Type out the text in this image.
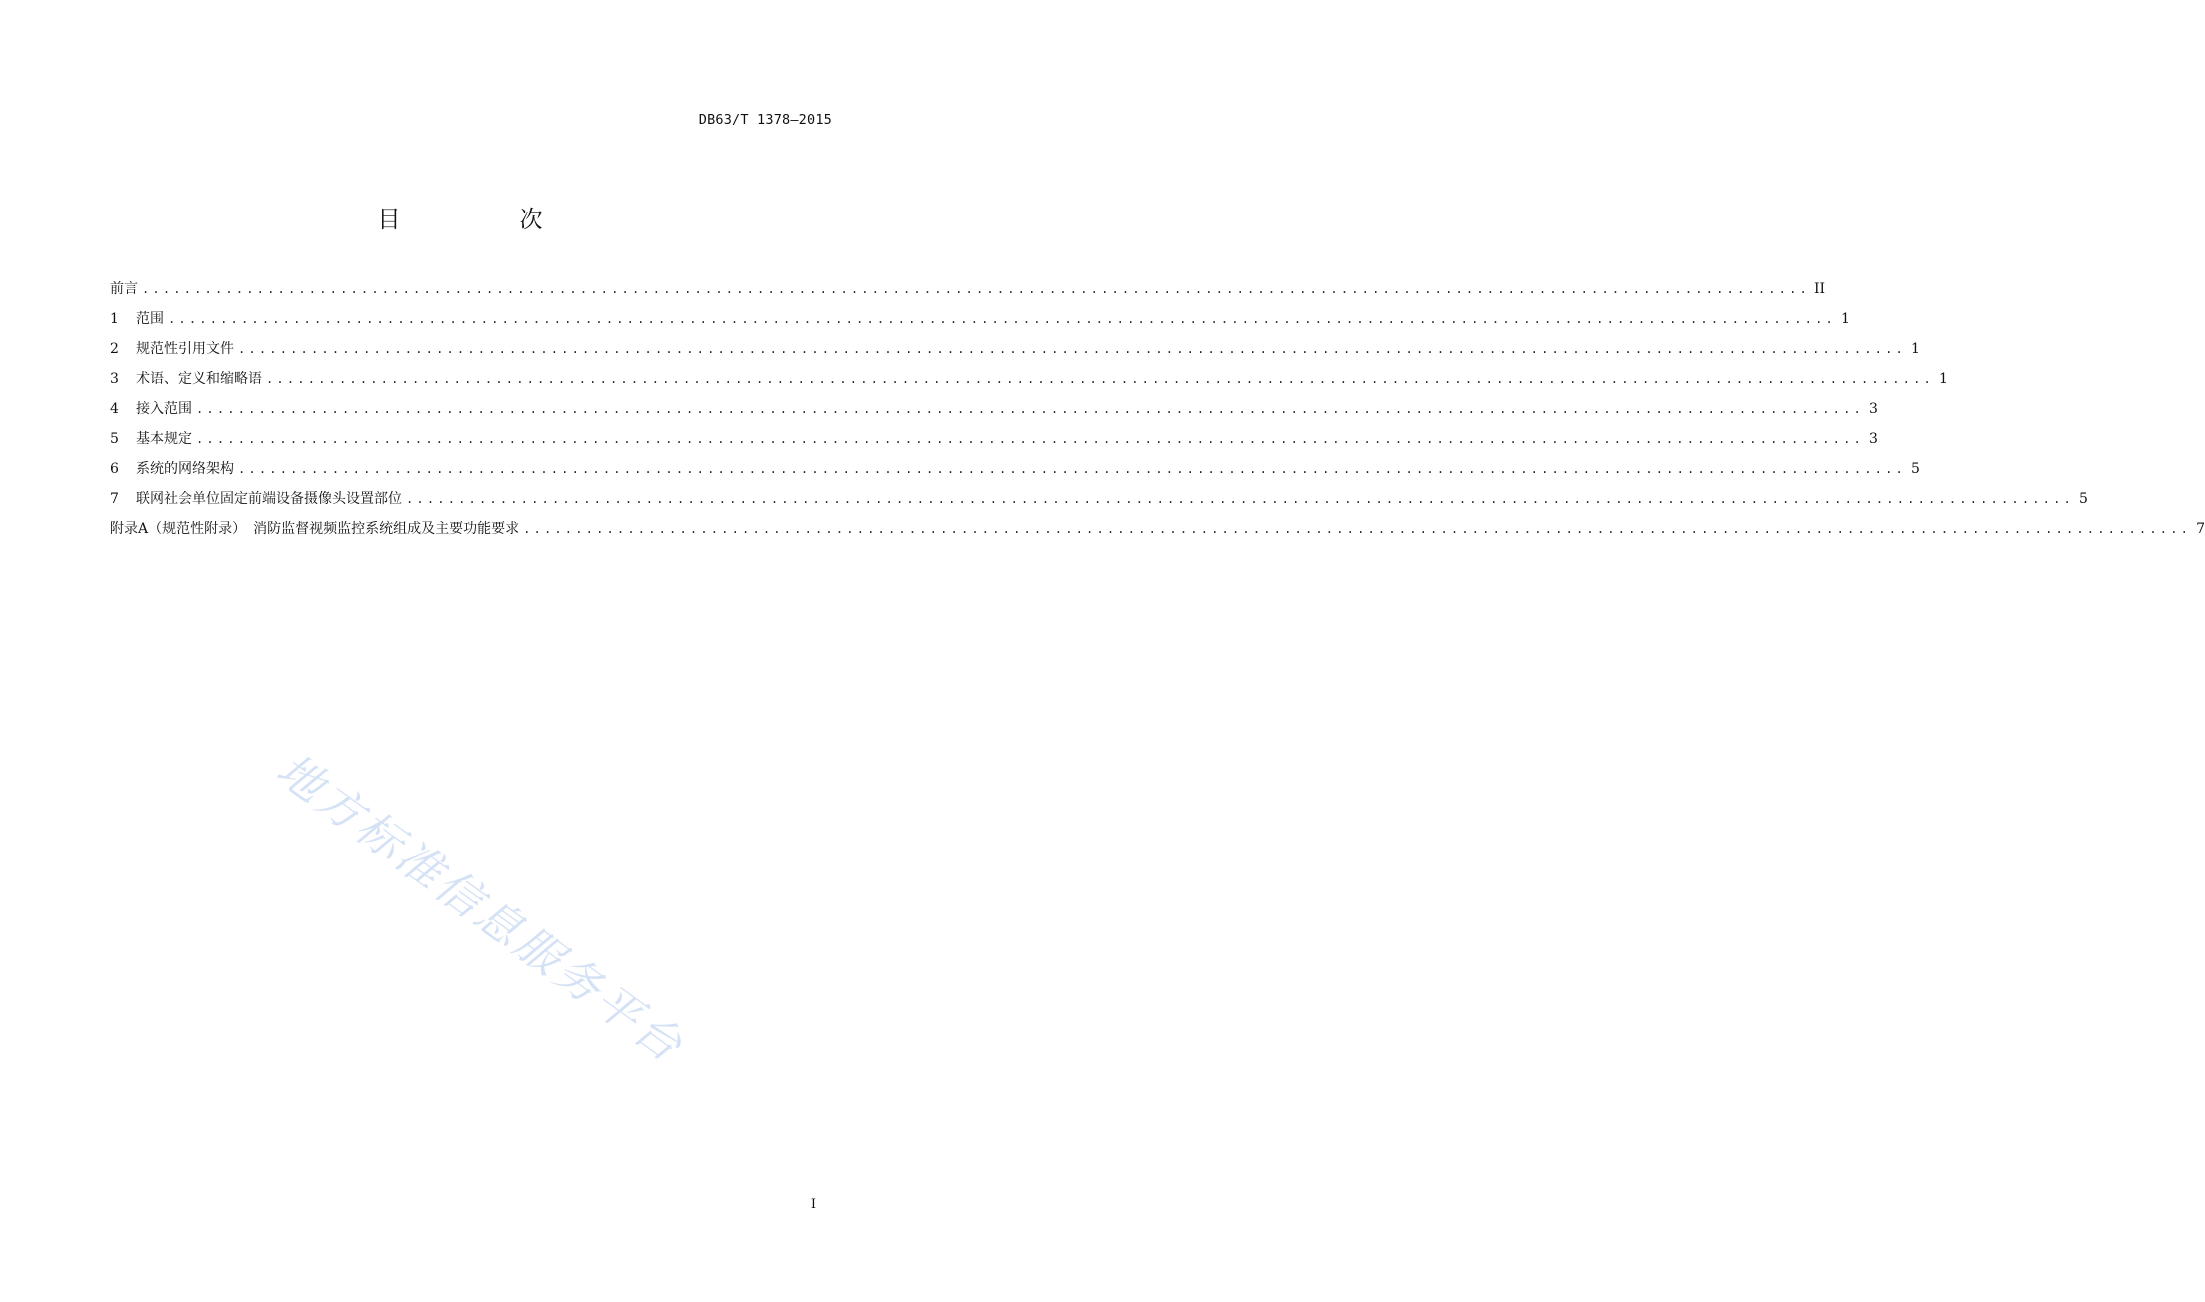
DB63/T 1378—2015
目　次
前言 ................................................................................................................................................................ II
1 范围 ................................................................................................................................................................ 1
2 规范性引用文件 ................................................................................................................................................................ 1
3 术语、定义和缩略语 ................................................................................................................................................................ 1
4 接入范围 ................................................................................................................................................................ 3
5 基本规定 ................................................................................................................................................................ 3
6 系统的网络架构 ................................................................................................................................................................ 5
7 联网社会单位固定前端设备摄像头设置部位 ................................................................................................................................................................ 5
附录A（规范性附录）　消防监督视频监控系统组成及主要功能要求 ................................................................................................................................................................ 7
地方标准信息服务平台
I
